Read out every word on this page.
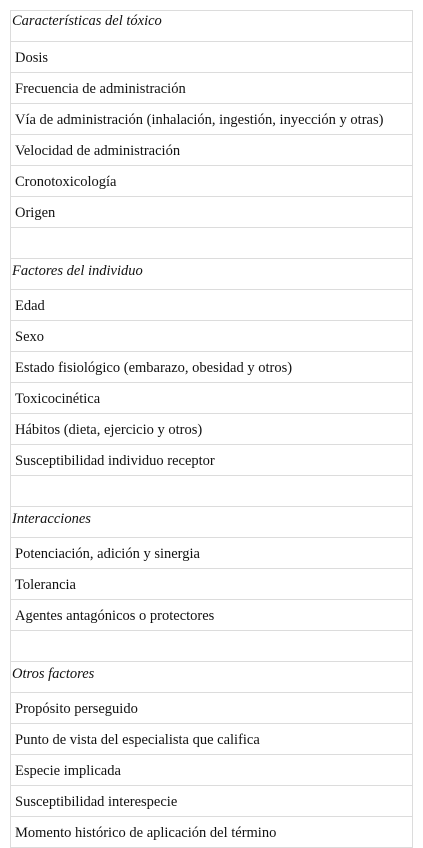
Características del tóxico
Dosis
Frecuencia de administración
Vía de administración (inhalación, ingestión, inyección y otras)
Velocidad de administración
Cronotoxicología
Origen
Factores del individuo
Edad
Sexo
Estado fisiológico (embarazo, obesidad y otros)
Toxicocinética
Hábitos (dieta, ejercicio y otros)
Susceptibilidad individuo receptor
Interacciones
Potenciación, adición y sinergia
Tolerancia
Agentes antagónicos o protectores
Otros factores
Propósito perseguido
Punto de vista del especialista que califica
Especie implicada
Susceptibilidad interespecie
Momento histórico de aplicación del término
